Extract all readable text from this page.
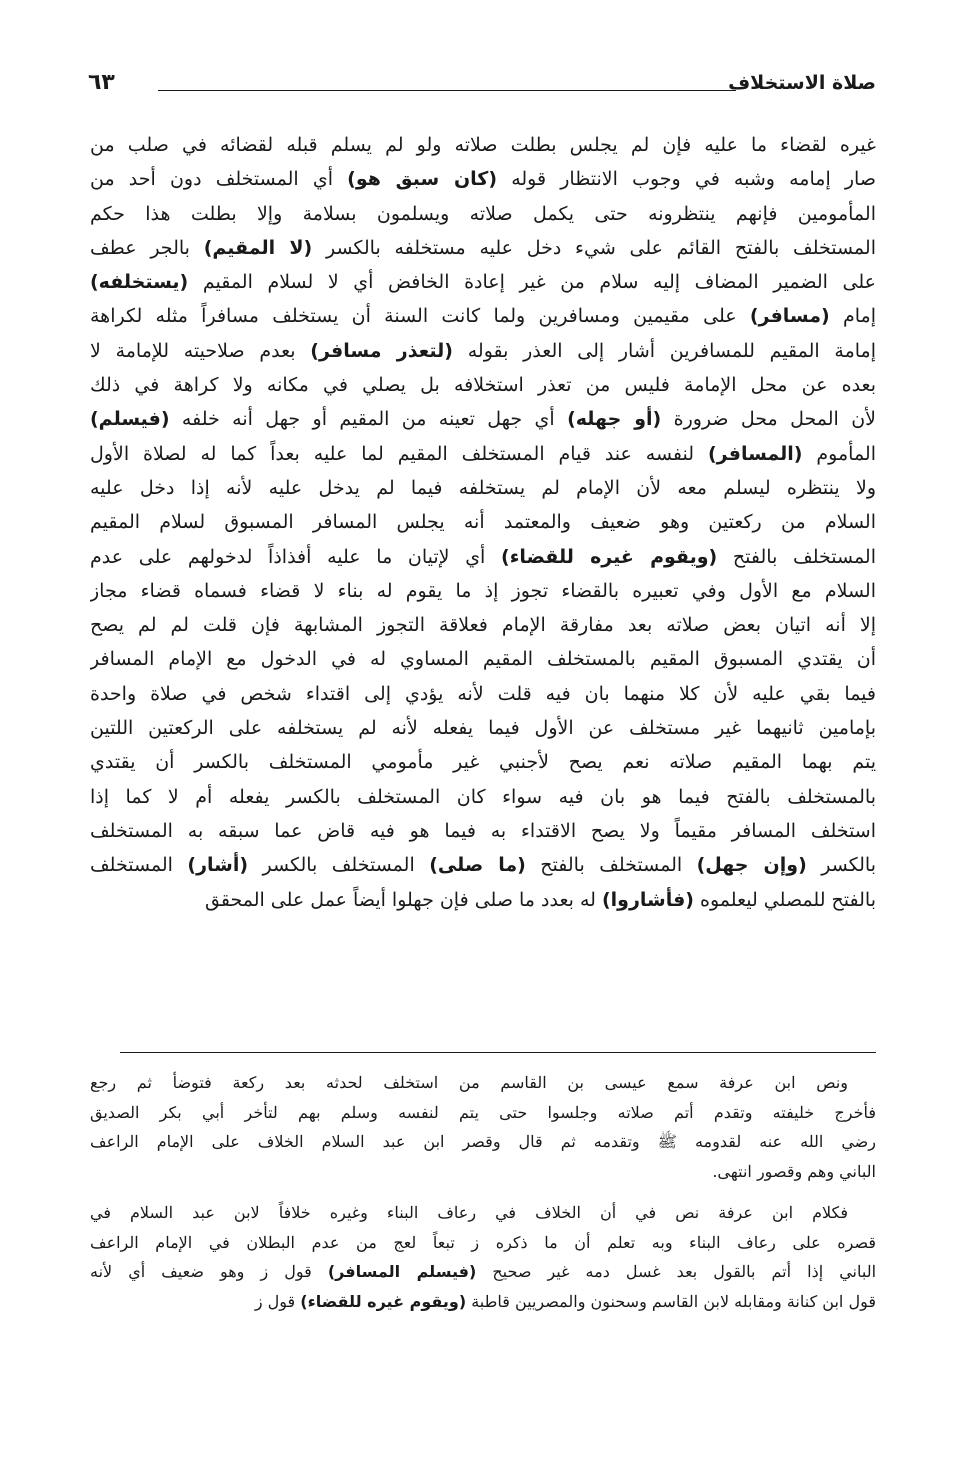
صلاة الاستخلاف
٦٣
غيره لقضاء ما عليه فإن لم يجلس بطلت صلاته ولو لم يسلم قبله لقضائه في صلب من
صار إمامه وشبه في وجوب الانتظار قوله (كان سبق هو) أي المستخلف دون أحد من
المأمومين فإنهم ينتظرونه حتى يكمل صلاته ويسلمون بسلامة وإلا بطلت هذا حكم
المستخلف بالفتح القائم على شيء دخل عليه مستخلفه بالكسر (لا المقيم) بالجر عطف
على الضمير المضاف إليه سلام من غير إعادة الخافض أي لا لسلام المقيم (يستخلفه)
إمام (مسافر) على مقيمين ومسافرين ولما كانت السنة أن يستخلف مسافراً مثله لكراهة
إمامة المقيم للمسافرين أشار إلى العذر بقوله (لتعذر مسافر) بعدم صلاحيته للإمامة لا
بعده عن محل الإمامة فليس من تعذر استخلافه بل يصلي في مكانه ولا كراهة في ذلك
لأن المحل محل ضرورة (أو جهله) أي جهل تعينه من المقيم أو جهل أنه خلفه (فيسلم)
المأموم (المسافر) لنفسه عند قيام المستخلف المقيم لما عليه بعداً كما له لصلاة الأول
ولا ينتظره ليسلم معه لأن الإمام لم يستخلفه فيما لم يدخل عليه لأنه إذا دخل عليه
السلام من ركعتين وهو ضعيف والمعتمد أنه يجلس المسافر المسبوق لسلام المقيم
المستخلف بالفتح (ويقوم غيره للقضاء) أي لإتيان ما عليه أفذاذاً لدخولهم على عدم
السلام مع الأول وفي تعبيره بالقضاء تجوز إذ ما يقوم له بناء لا قضاء فسماه قضاء مجاز
إلا أنه اتيان بعض صلاته بعد مفارقة الإمام فعلاقة التجوز المشابهة فإن قلت لم لم يصح
أن يقتدي المسبوق المقيم بالمستخلف المقيم المساوي له في الدخول مع الإمام المسافر
فيما بقي عليه لأن كلا منهما بان فيه قلت لأنه يؤدي إلى اقتداء شخص في صلاة واحدة
بإمامين ثانيهما غير مستخلف عن الأول فيما يفعله لأنه لم يستخلفه على الركعتين اللتين
يتم بهما المقيم صلاته نعم يصح لأجنبي غير مأمومي المستخلف بالكسر أن يقتدي
بالمستخلف بالفتح فيما هو بان فيه سواء كان المستخلف بالكسر يفعله أم لا كما إذا
استخلف المسافر مقيماً ولا يصح الاقتداء به فيما هو فيه قاض عما سبقه به المستخلف
بالكسر (وإن جهل) المستخلف بالفتح (ما صلى) المستخلف بالكسر (أشار) المستخلف
بالفتح للمصلي ليعلموه (فأشاروا) له بعدد ما صلى فإن جهلوا أيضاً عمل على المحقق
ونص ابن عرفة سمع عيسى بن القاسم من استخلف لحدثه بعد ركعة فتوضأ ثم رجع
فأخرج خليفته وتقدم أتم صلاته وجلسوا حتى يتم لنفسه وسلم بهم لتأخر أبي بكر الصديق
رضي الله عنه لقدومه ﷺ وتقدمه ثم قال وقصر ابن عبد السلام الخلاف على الإمام الراعف
الباني وهم وقصور انتهى.
فكلام ابن عرفة نص في أن الخلاف في رعاف البناء وغيره خلافاً لابن عبد السلام في
قصره على رعاف البناء وبه تعلم أن ما ذكره ز تبعاً لعج من عدم البطلان في الإمام الراعف
الباني إذا أتم بالقول بعد غسل دمه غير صحيح (فيسلم المسافر) قول ز وهو ضعيف أي لأنه
قول ابن كنانة ومقابله لابن القاسم وسحنون والمصريين قاطبة (ويقوم غيره للقضاء) قول ز
